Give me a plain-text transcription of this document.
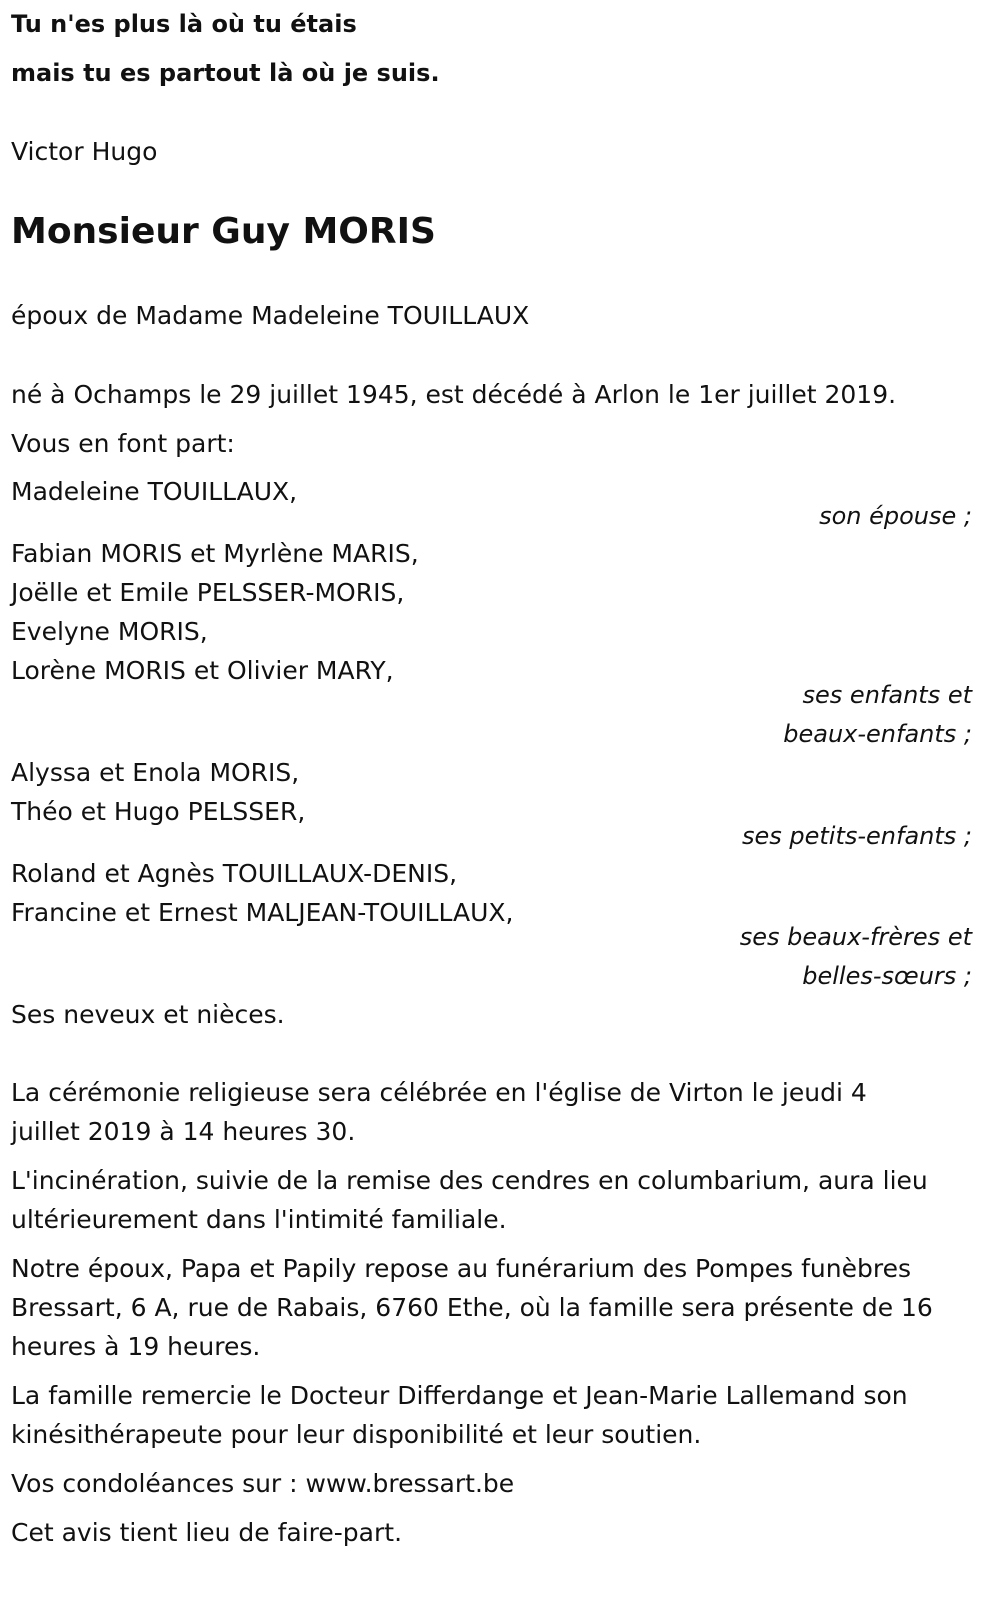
Tu n'es plus là où tu étais
mais tu es partout là où je suis.
Victor Hugo
Monsieur Guy MORIS
époux de Madame Madeleine TOUILLAUX
né à Ochamps le 29 juillet 1945, est décédé à Arlon le 1er juillet 2019.
Vous en font part:
Madeleine TOUILLAUX,
son épouse ;
Fabian MORIS et Myrlène MARIS,
Joëlle et Emile PELSSER-MORIS,
Evelyne MORIS,
Lorène MORIS et Olivier MARY,
ses enfants et
beaux-enfants ;
Alyssa et Enola MORIS,
Théo et Hugo PELSSER,
ses petits-enfants ;
Roland et Agnès TOUILLAUX-DENIS,
Francine et Ernest MALJEAN-TOUILLAUX,
ses beaux-frères et
belles-sœurs ;
Ses neveux et nièces.
La cérémonie religieuse sera célébrée en l'église de Virton le jeudi 4
juillet 2019 à 14 heures 30.
L'incinération, suivie de la remise des cendres en columbarium, aura lieu
ultérieurement dans l'intimité familiale.
Notre époux, Papa et Papily repose au funérarium des Pompes funèbres
Bressart, 6 A, rue de Rabais, 6760 Ethe, où la famille sera présente de 16
heures à 19 heures.
La famille remercie le Docteur Differdange et Jean-Marie Lallemand son
kinésithérapeute pour leur disponibilité et leur soutien.
Vos condoléances sur : www.bressart.be
Cet avis tient lieu de faire-part.
